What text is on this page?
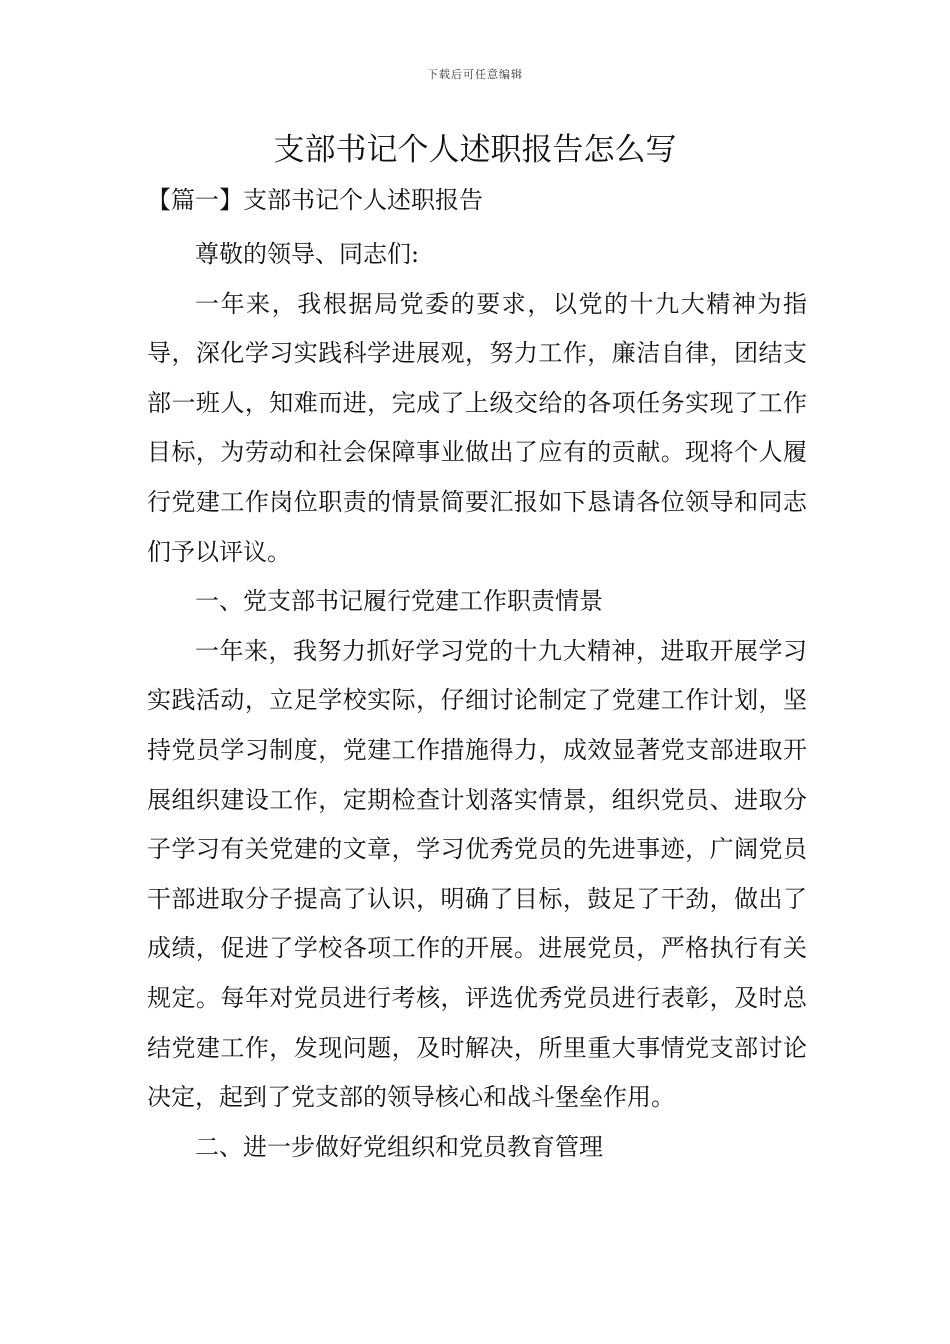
下载后可任意编辑
支部书记个人述职报告怎么写
【篇一】支部书记个人述职报告

尊敬的领导、同志们:

一年来，我根据局党委的要求，以党的十九大精神为指导，深化学习实践科学进展观，努力工作，廉洁自律，团结支部一班人，知难而进，完成了上级交给的各项任务实现了工作目标，为劳动和社会保障事业做出了应有的贡献。现将个人履行党建工作岗位职责的情景简要汇报如下恳请各位领导和同志们予以评议。

一、党支部书记履行党建工作职责情景

一年来，我努力抓好学习党的十九大精神，进取开展学习实践活动，立足学校实际，仔细讨论制定了党建工作计划，坚持党员学习制度，党建工作措施得力，成效显著党支部进取开展组织建设工作，定期检查计划落实情景，组织党员、进取分子学习有关党建的文章，学习优秀党员的先进事迹，广阔党员干部进取分子提高了认识，明确了目标，鼓足了干劲，做出了成绩，促进了学校各项工作的开展。进展党员，严格执行有关规定。每年对党员进行考核，评选优秀党员进行表彰，及时总结党建工作，发现问题，及时解决，所里重大事情党支部讨论决定，起到了党支部的领导核心和战斗堡垒作用。

二、进一步做好党组织和党员教育管理
